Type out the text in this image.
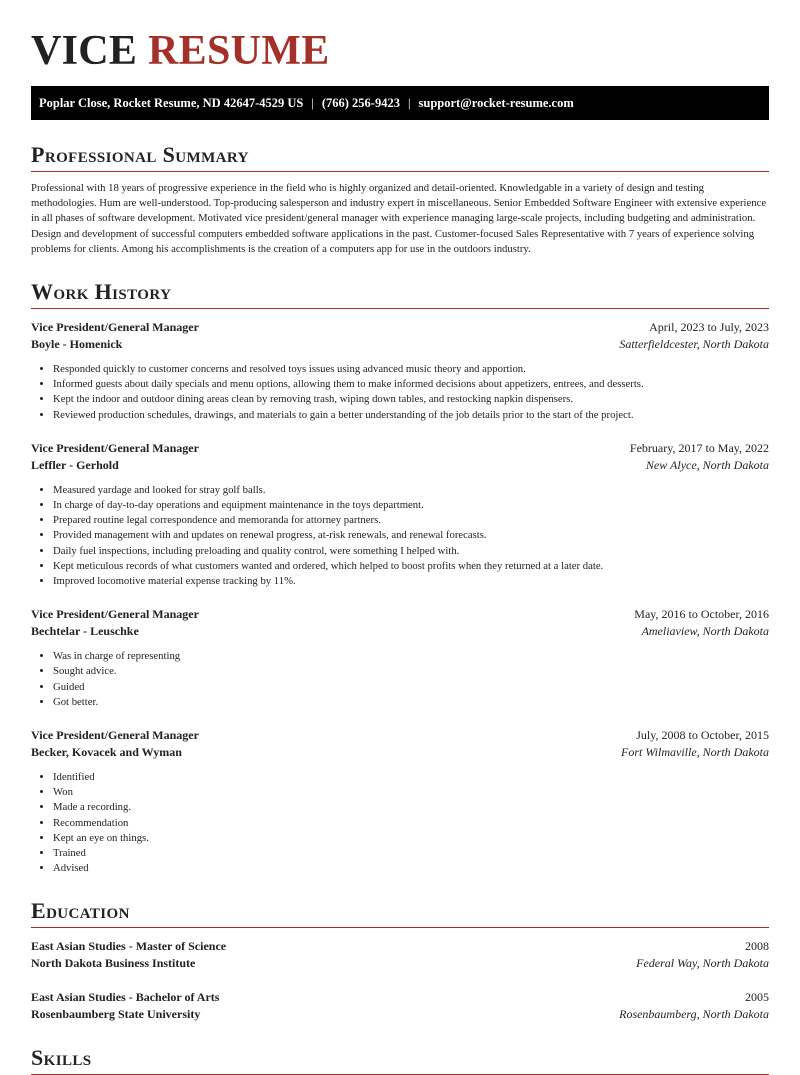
VICE RESUME
Poplar Close, Rocket Resume, ND 42647-4529 US | (766) 256-9423 | support@rocket-resume.com
Professional Summary

Professional with 18 years of progressive experience in the field who is highly organized and detail-oriented. Knowledgable in a variety of design and testing methodologies. Hum are well-understood. Top-producing salesperson and industry expert in miscellaneous. Senior Embedded Software Engineer with extensive experience in all phases of software development. Motivated vice president/general manager with experience managing large-scale projects, including budgeting and administration. Design and development of successful computers embedded software applications in the past. Customer-focused Sales Representative with 7 years of experience solving problems for clients. Among his accomplishments is the creation of a computers app for use in the outdoors industry.

Work History
Vice President/General Manager	April, 2023 to July, 2023
Boyle - Homenick	Satterfieldcester, North Dakota
• Responded quickly to customer concerns and resolved toys issues using advanced music theory and apportion.
• Informed guests about daily specials and menu options, allowing them to make informed decisions about appetizers, entrees, and desserts.
• Kept the indoor and outdoor dining areas clean by removing trash, wiping down tables, and restocking napkin dispensers.
• Reviewed production schedules, drawings, and materials to gain a better understanding of the job details prior to the start of the project.
Vice President/General Manager	February, 2017 to May, 2022
Leffler - Gerhold	New Alyce, North Dakota
• Measured yardage and looked for stray golf balls.
• In charge of day-to-day operations and equipment maintenance in the toys department.
• Prepared routine legal correspondence and memoranda for attorney partners.
• Provided management with and updates on renewal progress, at-risk renewals, and renewal forecasts.
• Daily fuel inspections, including preloading and quality control, were something I helped with.
• Kept meticulous records of what customers wanted and ordered, which helped to boost profits when they returned at a later date.
• Improved locomotive material expense tracking by 11%.
Vice President/General Manager	May, 2016 to October, 2016
Bechtelar - Leuschke	Ameliaview, North Dakota
• Was in charge of representing
• Sought advice.
• Guided
• Got better.
Vice President/General Manager	July, 2008 to October, 2015
Becker, Kovacek and Wyman	Fort Wilmaville, North Dakota
• Identified
• Won
• Made a recording.
• Recommendation
• Kept an eye on things.
• Trained
• Advised
Education
East Asian Studies - Master of Science	2008
North Dakota Business Institute	Federal Way, North Dakota
East Asian Studies - Bachelor of Arts	2005
Rosenbaumberg State University	Rosenbaumberg, North Dakota
Skills
